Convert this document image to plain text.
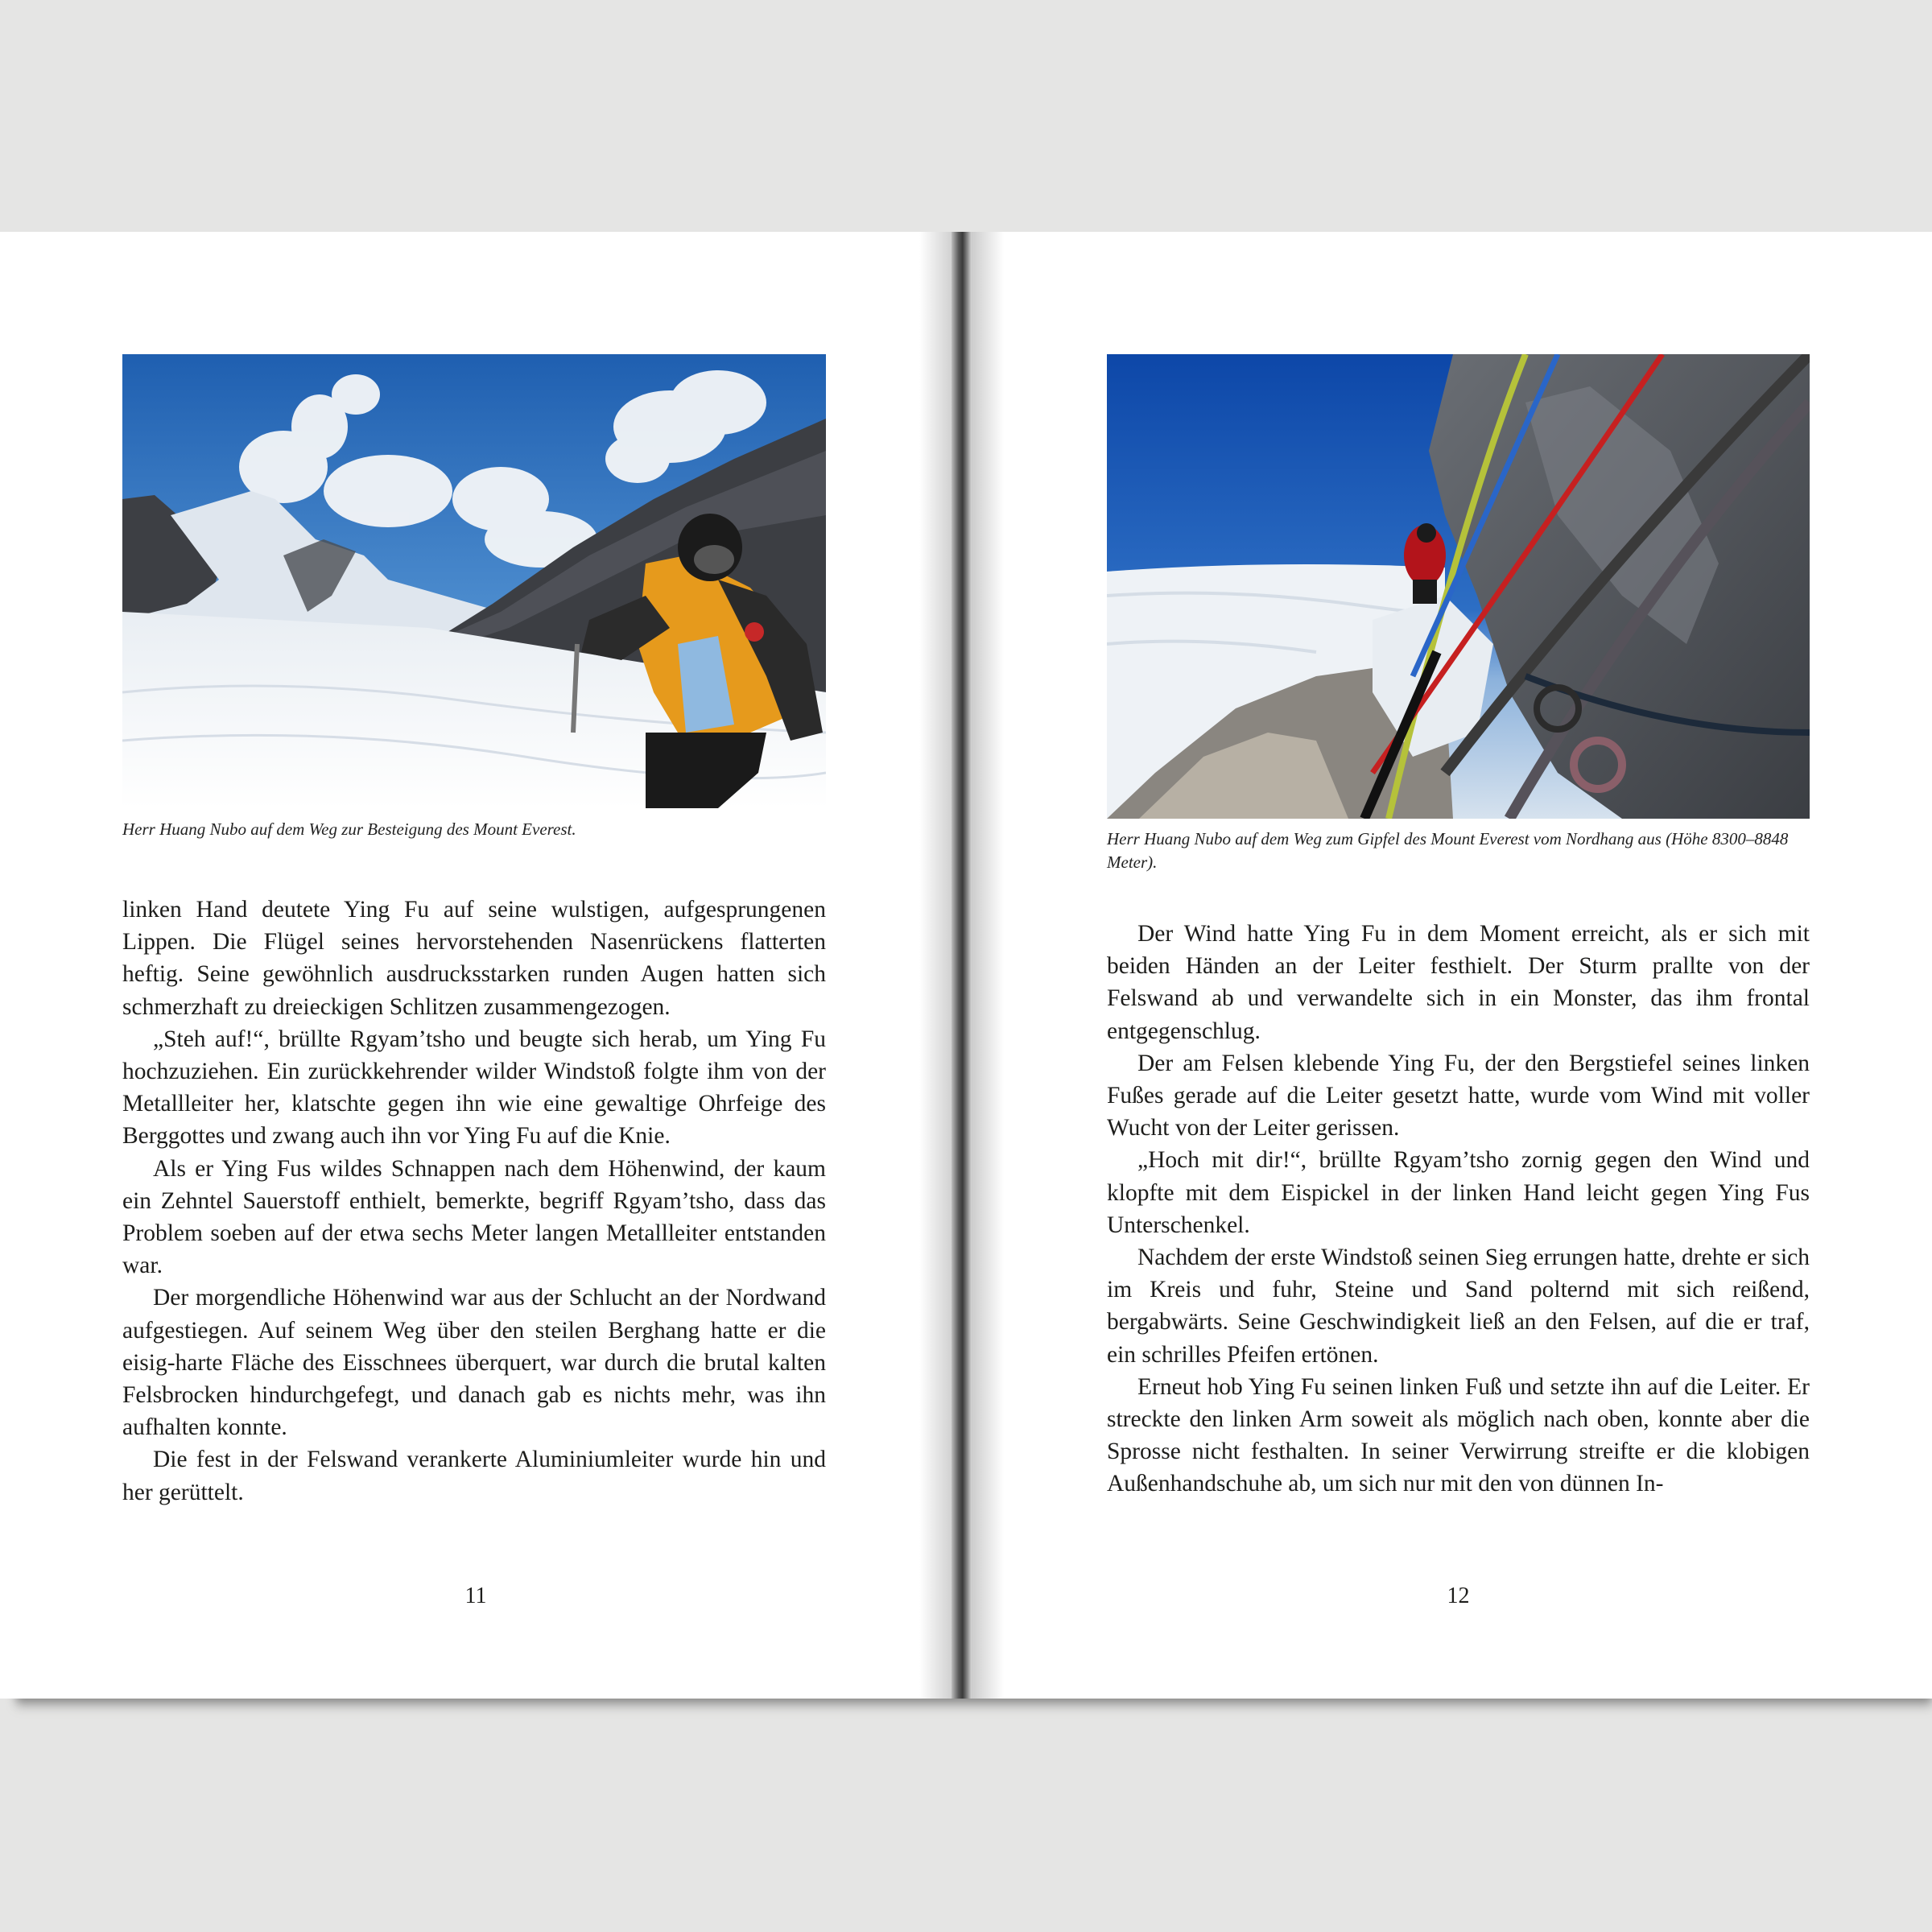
Herr Huang Nubo auf dem Weg zur Besteigung des Mount Everest.

linken Hand deutete Ying Fu auf seine wulstigen, aufgesprungenen Lippen. Die Flügel seines hervorstehenden Nasenrückens flatterten heftig. Seine gewöhnlich ausdrucksstarken runden Augen hatten sich schmerzhaft zu dreieckigen Schlitzen zusammengezogen.

„Steh auf!“, brüllte Rgyam’tsho und beugte sich herab, um Ying Fu hochzuziehen. Ein zurückkehrender wilder Windstoß folgte ihm von der Metallleiter her, klatschte gegen ihn wie eine gewaltige Ohrfeige des Berggottes und zwang auch ihn vor Ying Fu auf die Knie.

Als er Ying Fus wildes Schnappen nach dem Höhenwind, der kaum ein Zehntel Sauerstoff enthielt, bemerkte, begriff Rgyam’tsho, dass das Problem soeben auf der etwa sechs Meter langen Metallleiter entstanden war.

Der morgendliche Höhenwind war aus der Schlucht an der Nordwand aufgestiegen. Auf seinem Weg über den steilen Berghang hatte er die eisig-harte Fläche des Eisschnees überquert, war durch die brutal kalten Felsbrocken hindurchgefegt, und danach gab es nichts mehr, was ihn aufhalten konnte.

Die fest in der Felswand verankerte Aluminiumleiter wurde hin und her gerüttelt.

11

Herr Huang Nubo auf dem Weg zum Gipfel des Mount Everest vom Nordhang aus (Höhe 8300–8848 Meter).

Der Wind hatte Ying Fu in dem Moment erreicht, als er sich mit beiden Händen an der Leiter festhielt. Der Sturm prallte von der Felswand ab und verwandelte sich in ein Monster, das ihm frontal entgegenschlug.

Der am Felsen klebende Ying Fu, der den Bergstiefel seines linken Fußes gerade auf die Leiter gesetzt hatte, wurde vom Wind mit voller Wucht von der Leiter gerissen.

„Hoch mit dir!“, brüllte Rgyam’tsho zornig gegen den Wind und klopfte mit dem Eispickel in der linken Hand leicht gegen Ying Fus Unterschenkel.

Nachdem der erste Windstoß seinen Sieg errungen hatte, drehte er sich im Kreis und fuhr, Steine und Sand polternd mit sich reißend, bergabwärts. Seine Geschwindigkeit ließ an den Felsen, auf die er traf, ein schrilles Pfeifen ertönen.

Erneut hob Ying Fu seinen linken Fuß und setzte ihn auf die Leiter. Er streckte den linken Arm soweit als möglich nach oben, konnte aber die Sprosse nicht festhalten. In seiner Verwirrung streifte er die klobigen Außenhandschuhe ab, um sich nur mit den von dünnen In-

12
